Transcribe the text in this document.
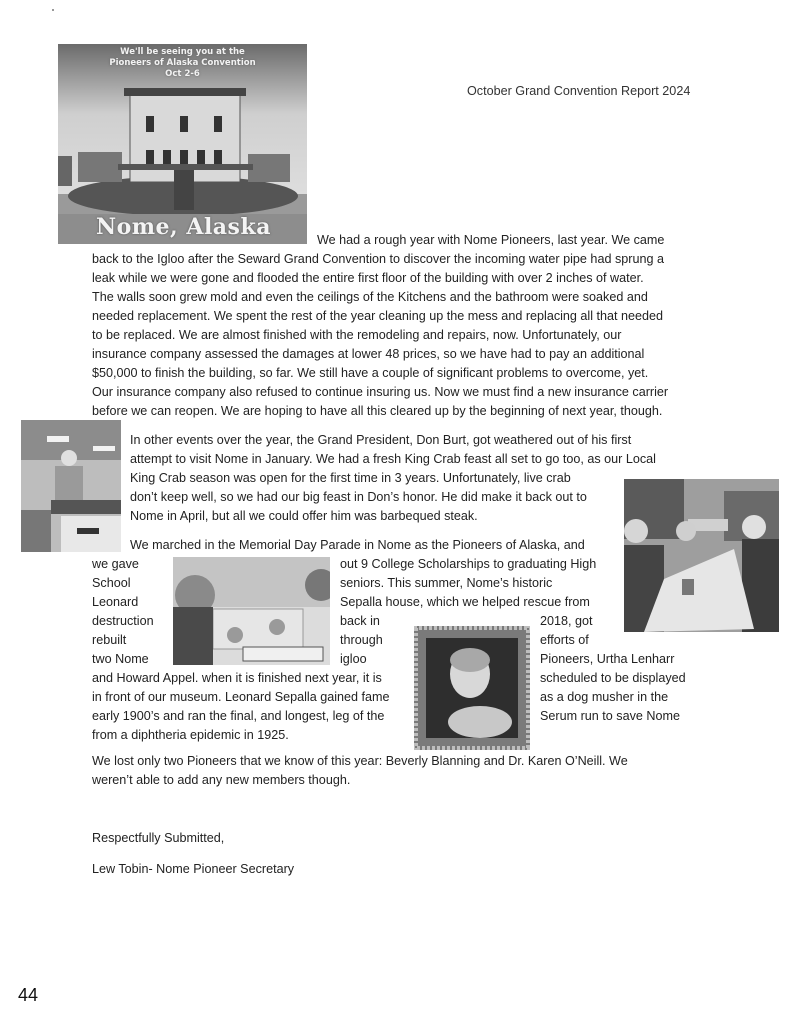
We'll be seeing you at the
Pioneers of Alaska Convention
Oct 2-6
Nome, Alaska
October Grand Convention Report 2024
We had a rough year with Nome Pioneers, last year. We came
back to the Igloo after the Seward Grand Convention to discover the incoming water pipe had sprung a
leak while we were gone and flooded the entire first floor of the building with over 2 inches of water.
The walls soon grew mold and even the ceilings of the Kitchens and the bathroom were soaked and
needed replacement. We spent the rest of the year cleaning up the mess and replacing all that needed
to be replaced. We are almost finished with the remodeling and repairs, now. Unfortunately, our
insurance company assessed the damages at lower 48 prices, so we have had to pay an additional
$50,000 to finish the building, so far. We still have a couple of significant problems to overcome, yet.
Our insurance company also refused to continue insuring us. Now we must find a new insurance carrier
before we can reopen. We are hoping to have all this cleared up by the beginning of next year, though.
In other events over the year, the Grand President, Don Burt, got weathered out of his first
attempt to visit Nome in January. We had a fresh King Crab feast all set to go too, as our Local
King Crab season was open for the first time in 3 years. Unfortunately, live crab
don’t keep well, so we had our big feast in Don’s honor. He did make it back out to
Nome in April, but all we could offer him was barbequed steak.
We marched in the Memorial Day Parade in Nome as the Pioneers of Alaska, and
we gave
School
Leonard
destruction
rebuilt
two Nome
out 9 College Scholarships to graduating High
seniors. This summer, Nome’s historic
Sepalla house, which we helped rescue from
back in
through
igloo
2018, got
efforts of
Pioneers, Urtha Lenharr
and Howard Appel. when it is finished next year, it is
in front of our museum. Leonard Sepalla gained fame
early 1900’s and ran the final, and longest, leg of the
from a diphtheria epidemic in 1925.
scheduled to be displayed
as a dog musher in the
Serum run to save Nome
We lost only two Pioneers that we know of this year: Beverly Blanning and Dr. Karen O’Neill. We
weren’t able to add any new members though.
Respectfully Submitted,
Lew Tobin- Nome Pioneer Secretary
44
